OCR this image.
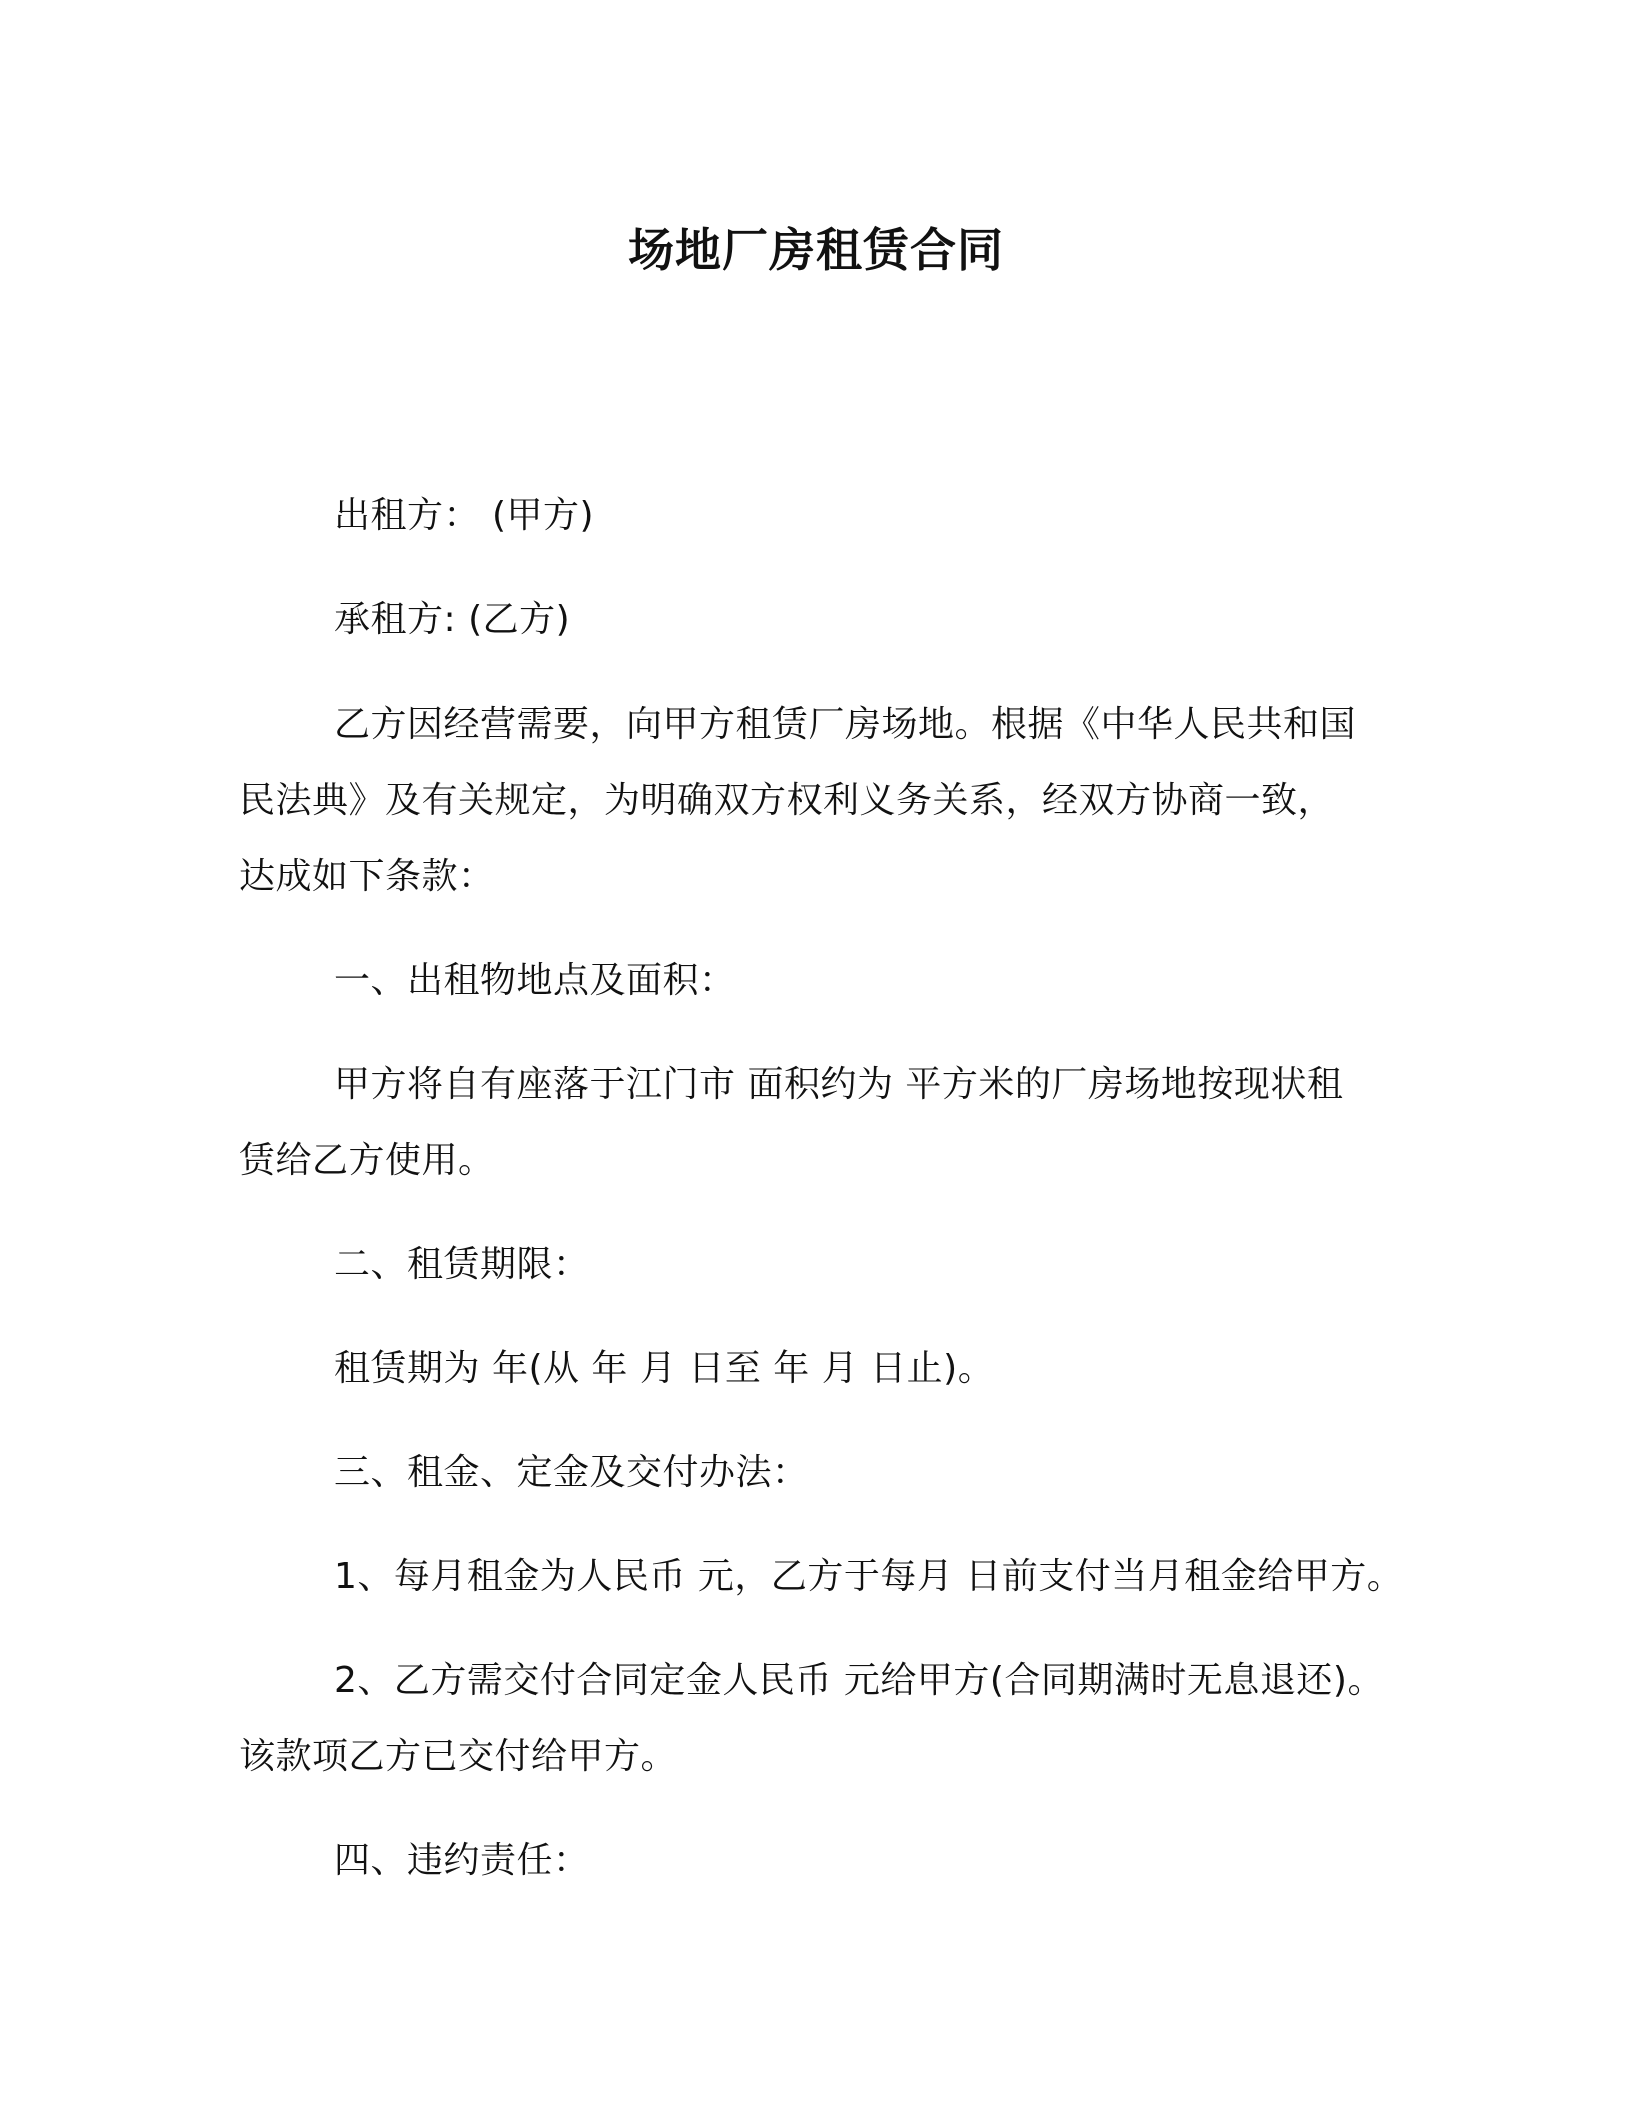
场地厂房租赁合同
出租方： (甲方)
承租方: (乙方)
乙方因经营需要，向甲方租赁厂房场地。根据《中华人民共和国
民法典》及有关规定，为明确双方权利义务关系，经双方协商一致，
达成如下条款：
一、出租物地点及面积：
甲方将自有座落于江门市 面积约为 平方米的厂房场地按现状租
赁给乙方使用。
二、租赁期限：
租赁期为 年(从 年 月 日至 年 月 日止)。
三、租金、定金及交付办法：
1、每月租金为人民币 元，乙方于每月 日前支付当月租金给甲方。
2、乙方需交付合同定金人民币 元给甲方(合同期满时无息退还)。
该款项乙方已交付给甲方。
四、违约责任：
